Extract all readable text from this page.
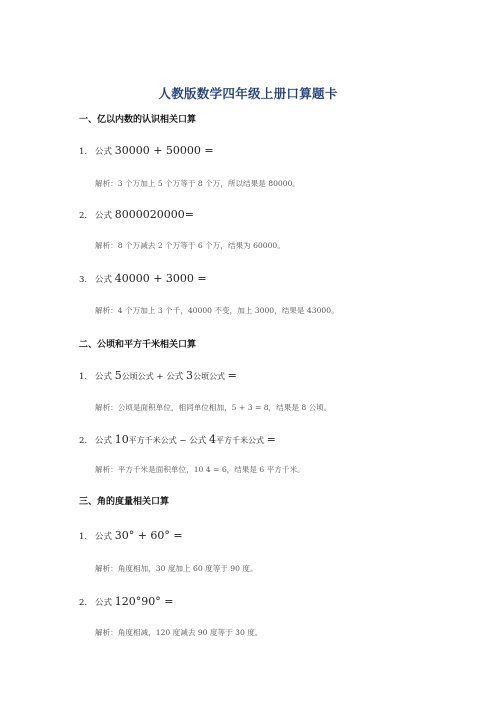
人教版数学四年级上册口算题卡
一、亿以内数的认识相关口算
1. 公式 30000 + 50000 =
解析：3 个万加上 5 个万等于 8 个万，所以结果是 80000。
2. 公式 8000020000=
解析：8 个万减去 2 个万等于 6 个万，结果为 60000。
3. 公式 40000 + 3000 =
解析：4 个万加上 3 个千，40000 不变，加上 3000，结果是 43000。
二、公顷和平方千米相关口算
1. 公式 5公顷公式 + 公式 3公顷公式 =
解析：公顷是面积单位，相同单位相加，5 + 3 = 8，结果是 8 公顷。
2. 公式 10平方千米公式 − 公式 4平方千米公式 =
解析：平方千米是面积单位，10 4 = 6，结果是 6 平方千米。
三、角的度量相关口算
1. 公式 30° + 60° =
解析：角度相加，30 度加上 60 度等于 90 度。
2. 公式 120°90° =
解析：角度相减，120 度减去 90 度等于 30 度。
